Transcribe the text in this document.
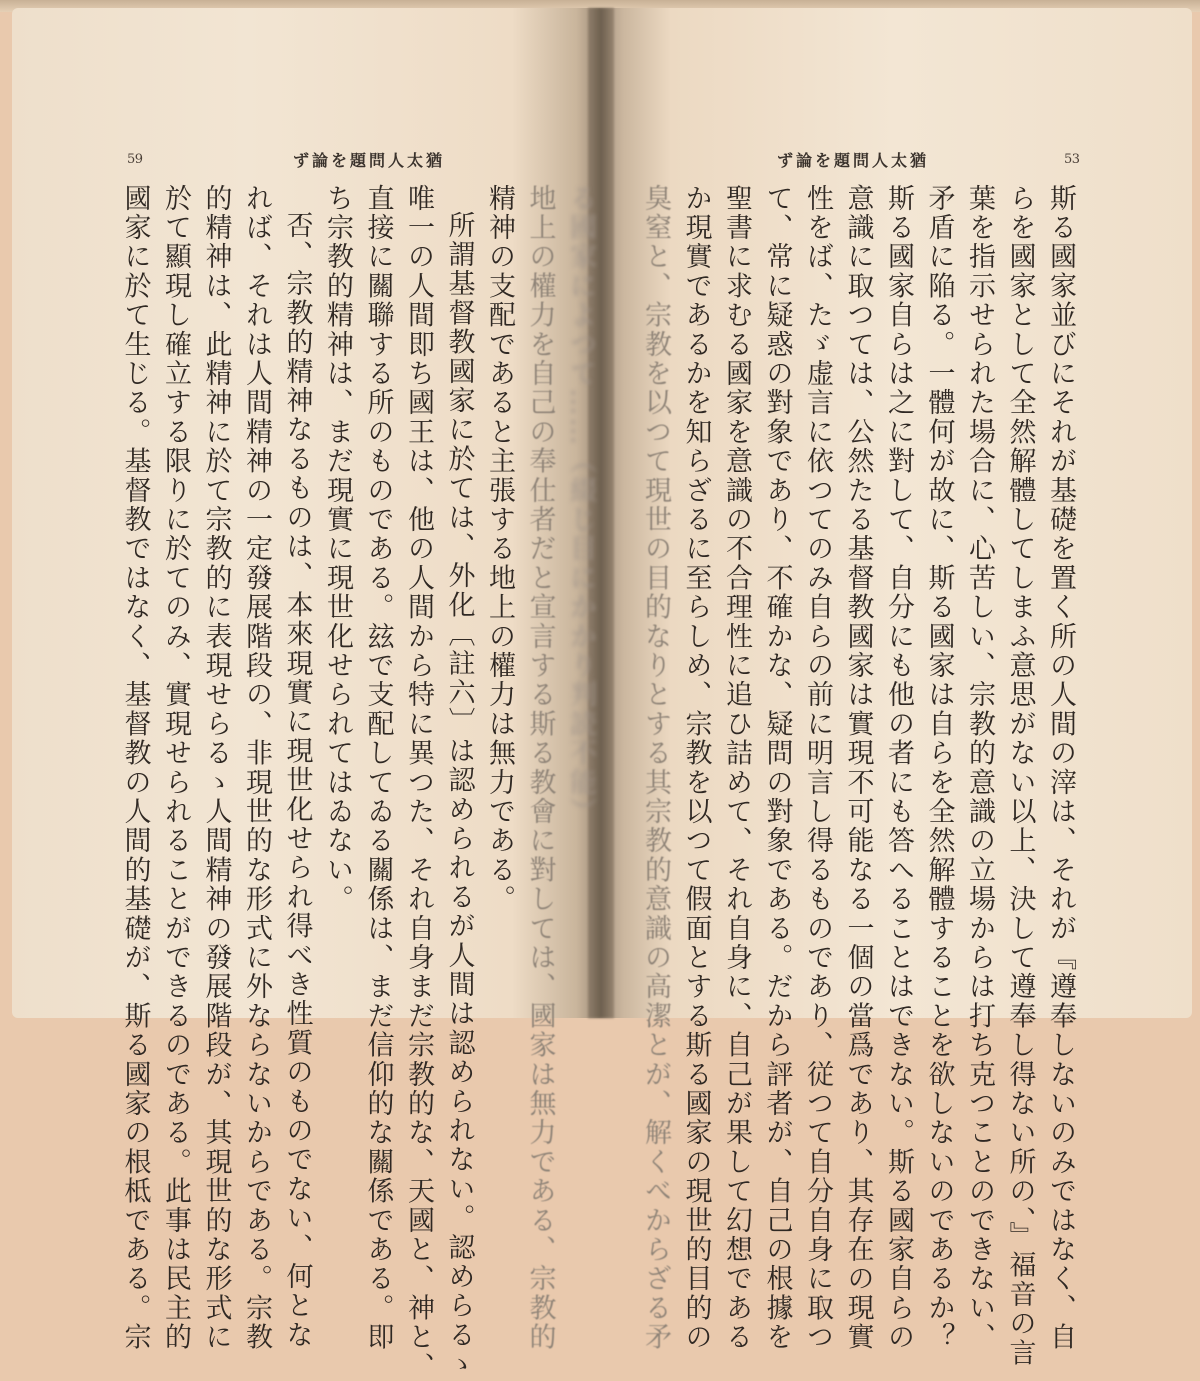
59	ず論を題問人太猶	ず論を題問人太猶	53
る國家によつて……（綴じ目にかかり判読不能）
地上の權力を自己の奉仕者だと宣言する斯る教會に對しては、國家は無力である、宗教的
精神の支配であると主張する地上の權力は無力である。
所謂基督教國家に於ては、外化〔註六〕は認められるが人間は認められない。認めらるゝ
唯一の人間即ち國王は、他の人間から特に異つた、それ自身まだ宗教的な、天國と、神と、
直接に關聯する所のものである。玆で支配してゐる關係は、まだ信仰的な關係である。即
ち宗教的精神は、まだ現實に現世化せられてはゐない。
否、宗教的精神なるものは、本來現實に現世化せられ得べき性質のものでない、何とな
れば、それは人間精神の一定發展階段の、非現世的な形式に外ならないからである。宗教
的精神は、此精神に於て宗教的に表現せらるゝ人間精神の發展階段が、其現世的な形式に
於て顯現し確立する限りに於てのみ、實現せられることができるのである。此事は民主的
國家に於て生じる。基督教ではなく、基督教の人間的基礎が、斯る國家の根柢である。宗	斯る國家並びにそれが基礎を置く所の人間の滓は、それが『遵奉しないのみではなく、自
らを國家として全然解體してしまふ意思がない以上、決して遵奉し得ない所の、』福音の言
葉を指示せられた場合に、心苦しい、宗教的意識の立場からは打ち克つことのできない、
矛盾に陥る。一體何が故に、斯る國家は自らを全然解體することを欲しないのであるか？
斯る國家自らは之に對して、自分にも他の者にも答へることはできない。斯る國家自らの
意識に取つては、公然たる基督教國家は實現不可能なる一個の當爲であり、其存在の現實
性をば、たゞ虚言に依つてのみ自らの前に明言し得るものであり、従つて自分自身に取つ
て、常に疑惑の對象であり、不確かな、疑問の對象である。だから評者が、自己の根據を
聖書に求むる國家を意識の不合理性に追ひ詰めて、それ自身に、自己が果して幻想である
か現實であるかを知らざるに至らしめ、宗教を以つて假面とする斯る國家の現世的目的の
臭窒と、宗教を以つて現世の目的なりとする其宗教的意識の高潔とが、解くべからざる矛
